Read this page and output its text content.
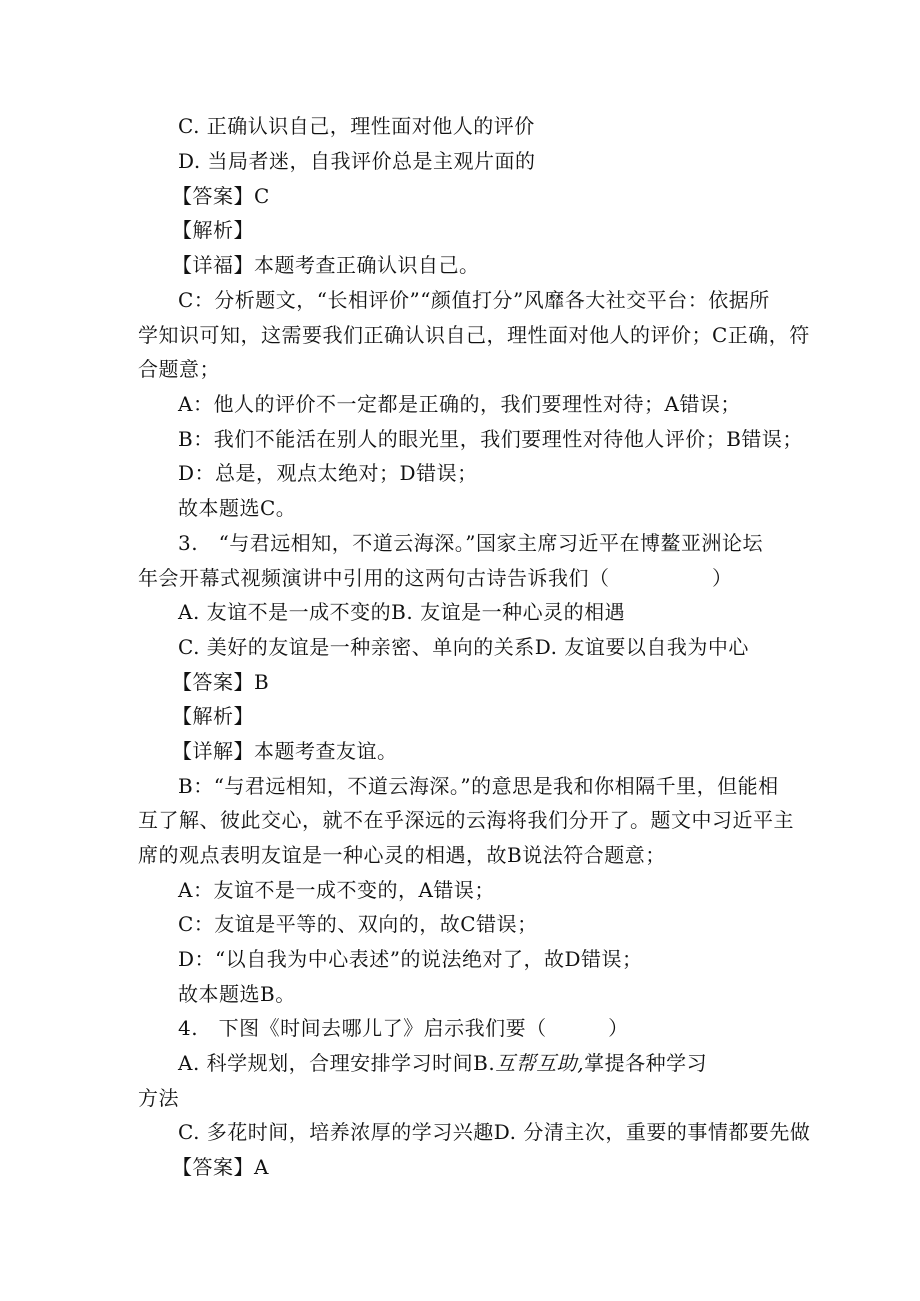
C. 正确认识自己，理性面对他人的评价
D. 当局者迷，自我评价总是主观片面的
【答案】C
【解析】
【详福】本题考查正确认识自己。
C：分析题文，“长相评价”“颜值打分”风靡各大社交平台：依据所
学知识可知，这需要我们正确认识自己，理性面对他人的评价；C正确，符
合题意；
A：他人的评价不一定都是正确的，我们要理性对待；A错误；
B：我们不能活在别人的眼光里，我们要理性对待他人评价；B错误；
D：总是，观点太绝对；D错误；
故本题选C。
3.　“与君远相知，不道云海深。”国家主席习近平在博鳌亚洲论坛
年会开幕式视频演讲中引用的这两句古诗告诉我们（　　　　　）
A. 友谊不是一成不变的B. 友谊是一种心灵的相遇
C. 美好的友谊是一种亲密、单向的关系D. 友谊要以自我为中心
【答案】B
【解析】
【详解】本题考查友谊。
B：“与君远相知，不道云海深。”的意思是我和你相隔千里，但能相
互了解、彼此交心，就不在乎深远的云海将我们分开了。题文中习近平主
席的观点表明友谊是一种心灵的相遇，故B说法符合题意；
A：友谊不是一成不变的，A错误；
C：友谊是平等的、双向的，故C错误；
D：“以自我为中心表述”的说法绝对了，故D错误；
故本题选B。
4.　下图《时间去哪儿了》启示我们要（　　　）
A. 科学规划，合理安排学习时间B.互帮互助,掌提各种学习
方法
C. 多花时间，培养浓厚的学习兴趣D. 分清主次，重要的事情都要先做
【答案】A
